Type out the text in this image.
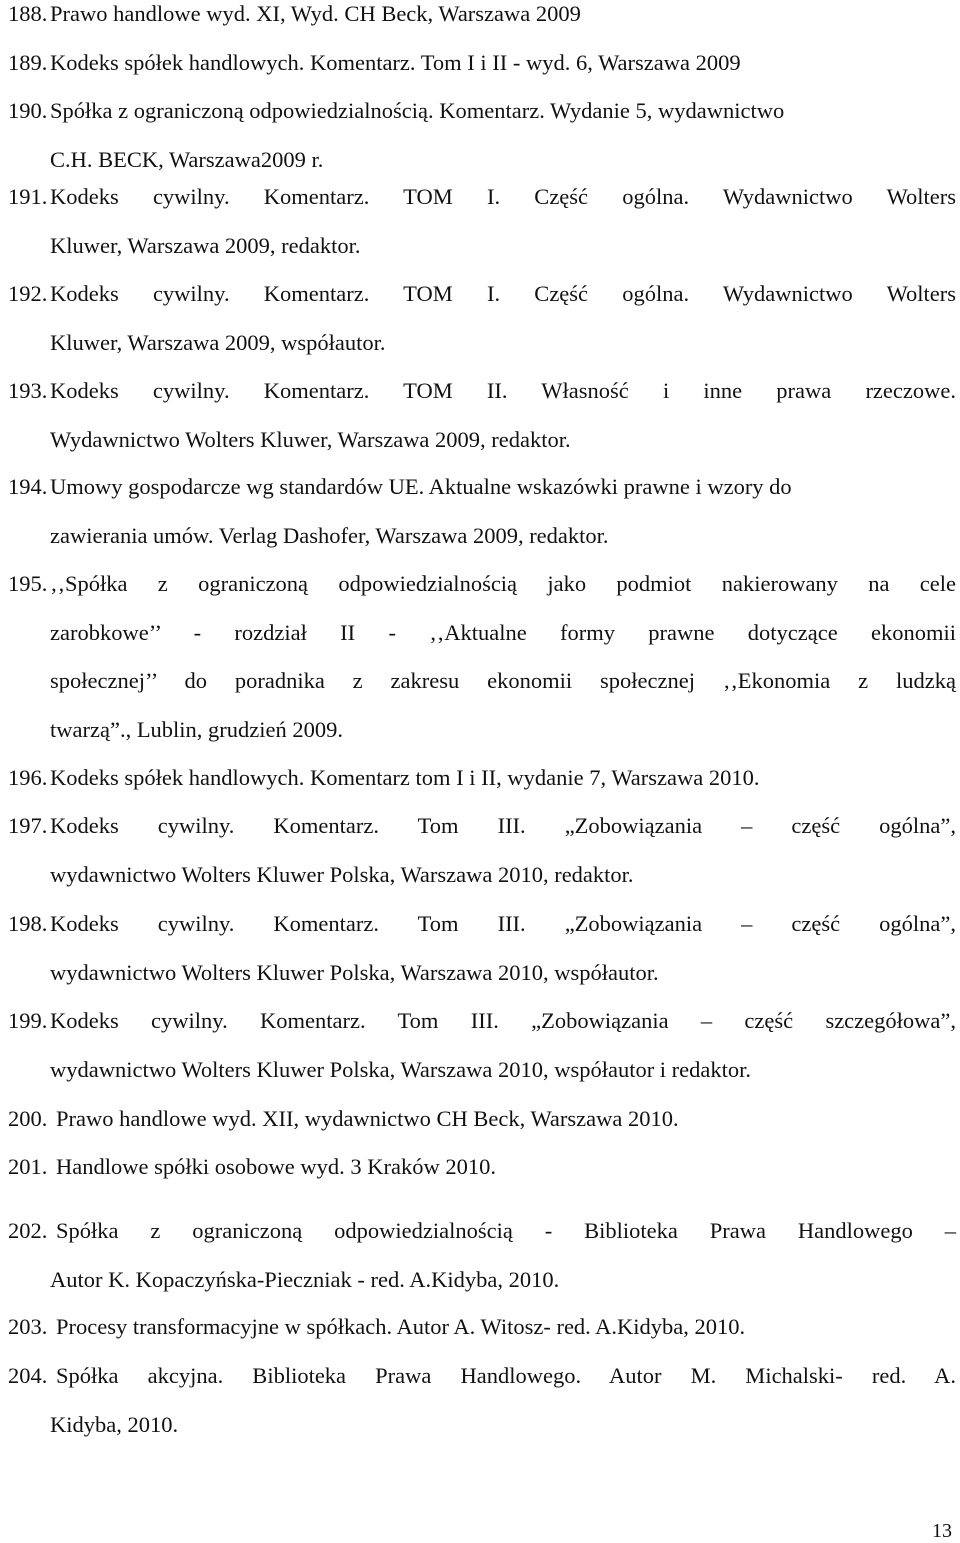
188. Prawo handlowe wyd. XI, Wyd. CH Beck, Warszawa 2009
189. Kodeks spółek handlowych. Komentarz. Tom I i II - wyd. 6, Warszawa 2009
190. Spółka z ograniczoną odpowiedzialnością. Komentarz. Wydanie 5, wydawnictwo
C.H. BECK, Warszawa2009 r.
191. Kodeks cywilny. Komentarz. TOM I. Część ogólna. Wydawnictwo Wolters
Kluwer, Warszawa 2009, redaktor.
192. Kodeks cywilny. Komentarz. TOM I. Część ogólna. Wydawnictwo Wolters
Kluwer, Warszawa 2009, współautor.
193. Kodeks cywilny. Komentarz. TOM II. Własność i inne prawa rzeczowe.
Wydawnictwo Wolters Kluwer, Warszawa 2009, redaktor.
194. Umowy gospodarcze wg standardów UE. Aktualne wskazówki prawne i wzory do
zawierania umów. Verlag Dashofer, Warszawa 2009, redaktor.
195. ‚‚Spółka z ograniczoną odpowiedzialnością jako podmiot nakierowany na cele
zarobkowe’’ - rozdział II - ‚‚Aktualne formy prawne dotyczące ekonomii
społecznej’’ do poradnika z zakresu ekonomii społecznej ‚‚Ekonomia z ludzką
twarzą”., Lublin, grudzień 2009.
196. Kodeks spółek handlowych. Komentarz tom I i II, wydanie 7, Warszawa 2010.
197. Kodeks cywilny. Komentarz. Tom III. „Zobowiązania – część ogólna”,
wydawnictwo Wolters Kluwer Polska, Warszawa 2010, redaktor.
198. Kodeks cywilny. Komentarz. Tom III. „Zobowiązania – część ogólna”,
wydawnictwo Wolters Kluwer Polska, Warszawa 2010, współautor.
199. Kodeks cywilny. Komentarz. Tom III. „Zobowiązania – część szczegółowa”,
wydawnictwo Wolters Kluwer Polska, Warszawa 2010, współautor i redaktor.
200. Prawo handlowe wyd. XII, wydawnictwo CH Beck, Warszawa 2010.
201. Handlowe spółki osobowe wyd. 3 Kraków 2010.
202. Spółka z ograniczoną odpowiedzialnością - Biblioteka Prawa Handlowego –
Autor K. Kopaczyńska-Pieczniak - red. A.Kidyba, 2010.
203. Procesy transformacyjne w spółkach. Autor A. Witosz- red. A.Kidyba, 2010.
204. Spółka akcyjna. Biblioteka Prawa Handlowego. Autor M. Michalski- red. A.
Kidyba, 2010.
13
